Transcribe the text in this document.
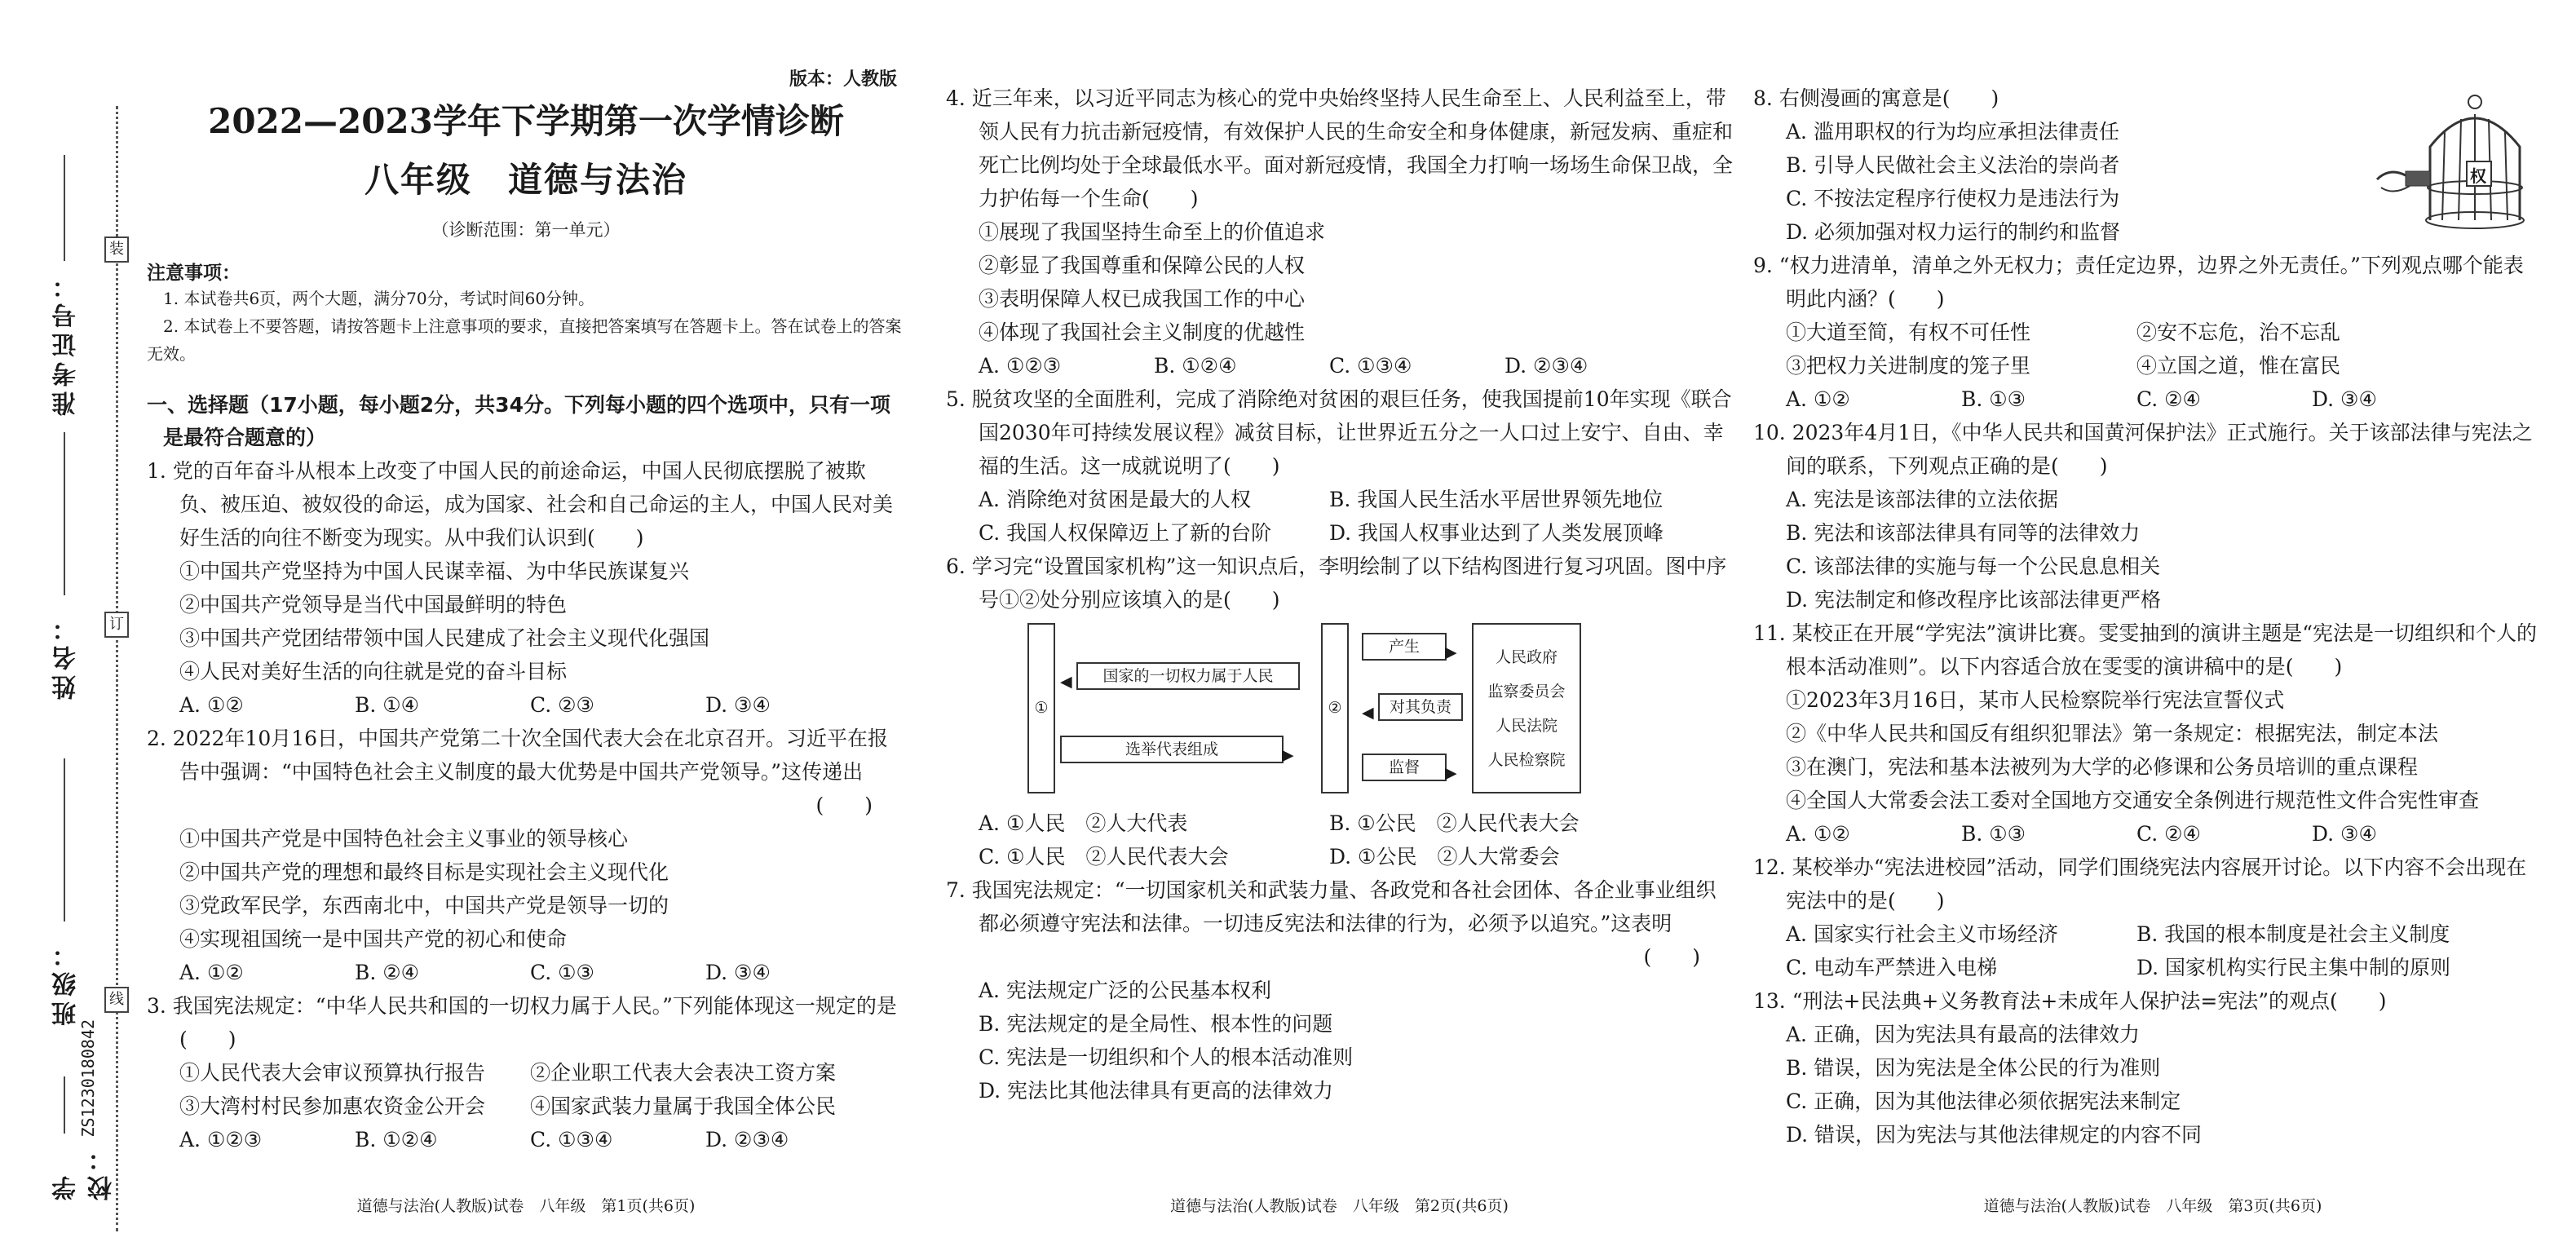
准考证号：
姓名：
班级：
学校：
装
订
线
ZS1230180842
版本：人教版
2022—2023学年下学期第一次学情诊断
八年级　道德与法治
（诊断范围：第一单元）
注意事项：
1. 本试卷共6页，两个大题，满分70分，考试时间60分钟。
2. 本试卷上不要答题，请按答题卡上注意事项的要求，直接把答案填写在答题卡上。答在试卷上的答案无效。
一、选择题（17小题，每小题2分，共34分。下列每小题的四个选项中，只有一项是最符合题意的）
1. 党的百年奋斗从根本上改变了中国人民的前途命运，中国人民彻底摆脱了被欺负、被压迫、被奴役的命运，成为国家、社会和自己命运的主人，中国人民对美好生活的向往不断变为现实。从中我们认识到(　　)
①中国共产党坚持为中国人民谋幸福、为中华民族谋复兴
②中国共产党领导是当代中国最鲜明的特色
③中国共产党团结带领中国人民建成了社会主义现代化强国
④人民对美好生活的向往就是党的奋斗目标
A. ①②	B. ①④	C. ②③	D. ③④
2. 2022年10月16日，中国共产党第二十次全国代表大会在北京召开。习近平在报告中强调：“中国特色社会主义制度的最大优势是中国共产党领导。”这传递出
(　　)
①中国共产党是中国特色社会主义事业的领导核心
②中国共产党的理想和最终目标是实现社会主义现代化
③党政军民学，东西南北中，中国共产党是领导一切的
④实现祖国统一是中国共产党的初心和使命
A. ①②	B. ②④	C. ①③	D. ③④
3. 我国宪法规定：“中华人民共和国的一切权力属于人民。”下列能体现这一规定的是(　　)
①人民代表大会审议预算执行报告	②企业职工代表大会表决工资方案
③大湾村村民参加惠农资金公开会	④国家武装力量属于我国全体公民
A. ①②③	B. ①②④	C. ①③④	D. ②③④
道德与法治(人教版)试卷　八年级　第1页(共6页)
4. 近三年来，以习近平同志为核心的党中央始终坚持人民生命至上、人民利益至上，带领人民有力抗击新冠疫情，有效保护人民的生命安全和身体健康，新冠发病、重症和死亡比例均处于全球最低水平。面对新冠疫情，我国全力打响一场场生命保卫战，全力护佑每一个生命(　　)
①展现了我国坚持生命至上的价值追求
②彰显了我国尊重和保障公民的人权
③表明保障人权已成我国工作的中心
④体现了我国社会主义制度的优越性
A. ①②③	B. ①②④	C. ①③④	D. ②③④
5. 脱贫攻坚的全面胜利，完成了消除绝对贫困的艰巨任务，使我国提前10年实现《联合国2030年可持续发展议程》减贫目标，让世界近五分之一人口过上安宁、自由、幸福的生活。这一成就说明了(　　)
A. 消除绝对贫困是最大的人权	B. 我国人民生活水平居世界领先地位
C. 我国人权保障迈上了新的台阶	D. 我国人权事业达到了人类发展顶峰
6. 学习完“设置国家机构”这一知识点后，李明绘制了以下结构图进行复习巩固。图中序号①②处分别应该填入的是(　　)
①
国家的一切权力属于人民
◀
选举代表组成	▶
②
产生	▶
对其负责
◀
监督	▶
人民政府
监察委员会
人民法院
人民检察院
A. ①人民　②人大代表	B. ①公民　②人民代表大会
C. ①人民　②人民代表大会	D. ①公民　②人大常委会
7. 我国宪法规定：“一切国家机关和武装力量、各政党和各社会团体、各企业事业组织都必须遵守宪法和法律。一切违反宪法和法律的行为，必须予以追究。”这表明
(　　)
A. 宪法规定广泛的公民基本权利
B. 宪法规定的是全局性、根本性的问题
C. 宪法是一切组织和个人的根本活动准则
D. 宪法比其他法律具有更高的法律效力
道德与法治(人教版)试卷　八年级　第2页(共6页)
权
8. 右侧漫画的寓意是(　　)
A. 滥用职权的行为均应承担法律责任
B. 引导人民做社会主义法治的崇尚者
C. 不按法定程序行使权力是违法行为
D. 必须加强对权力运行的制约和监督
9. “权力进清单，清单之外无权力；责任定边界，边界之外无责任。”下列观点哪个能表明此内涵？(　　)
①大道至简，有权不可任性	②安不忘危，治不忘乱
③把权力关进制度的笼子里	④立国之道，惟在富民
A. ①②	B. ①③	C. ②④	D. ③④
10. 2023年4月1日，《中华人民共和国黄河保护法》正式施行。关于该部法律与宪法之间的联系，下列观点正确的是(　　)
A. 宪法是该部法律的立法依据
B. 宪法和该部法律具有同等的法律效力
C. 该部法律的实施与每一个公民息息相关
D. 宪法制定和修改程序比该部法律更严格
11. 某校正在开展“学宪法”演讲比赛。雯雯抽到的演讲主题是“宪法是一切组织和个人的根本活动准则”。以下内容适合放在雯雯的演讲稿中的是(　　)
①2023年3月16日，某市人民检察院举行宪法宣誓仪式
②《中华人民共和国反有组织犯罪法》第一条规定：根据宪法，制定本法
③在澳门，宪法和基本法被列为大学的必修课和公务员培训的重点课程
④全国人大常委会法工委对全国地方交通安全条例进行规范性文件合宪性审查
A. ①②	B. ①③	C. ②④	D. ③④
12. 某校举办“宪法进校园”活动，同学们围绕宪法内容展开讨论。以下内容不会出现在宪法中的是(　　)
A. 国家实行社会主义市场经济	B. 我国的根本制度是社会主义制度
C. 电动车严禁进入电梯	D. 国家机构实行民主集中制的原则
13. “刑法+民法典+义务教育法+未成年人保护法=宪法”的观点(　　)
A. 正确，因为宪法具有最高的法律效力
B. 错误，因为宪法是全体公民的行为准则
C. 正确，因为其他法律必须依据宪法来制定
D. 错误，因为宪法与其他法律规定的内容不同
道德与法治(人教版)试卷　八年级　第3页(共6页)
